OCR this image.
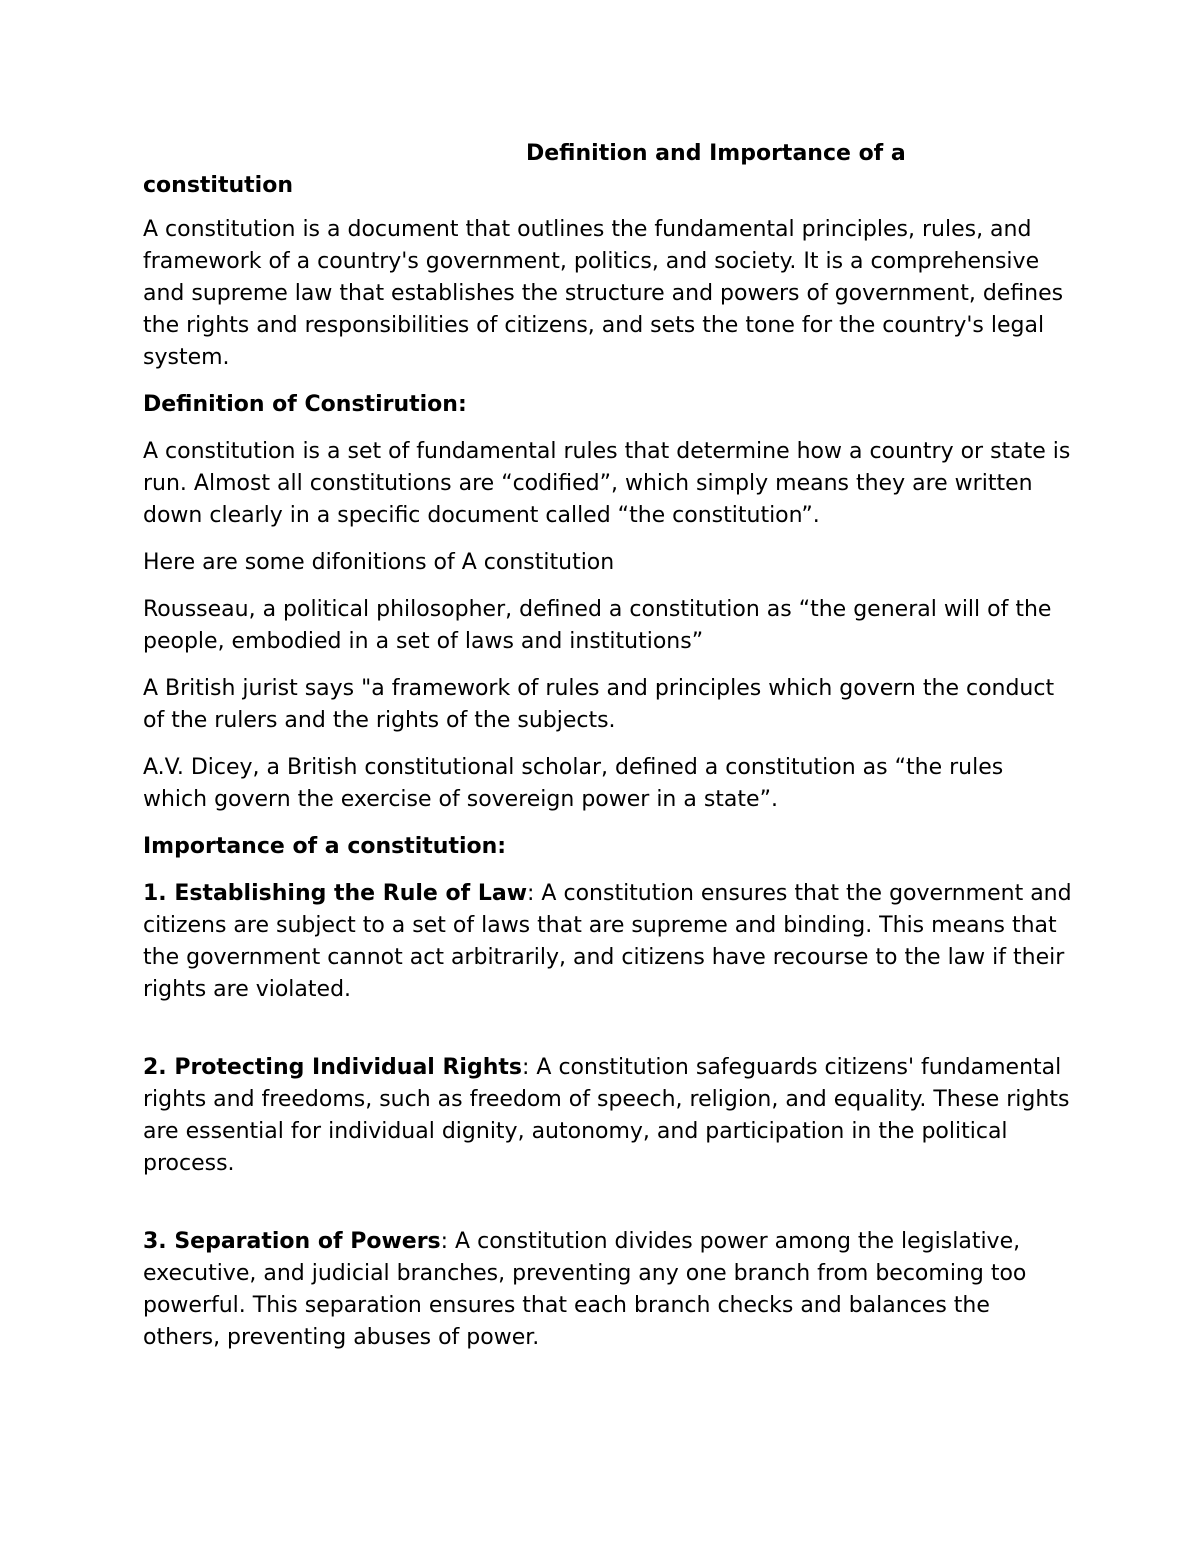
Definition and Importance of a
constitution

A constitution is a document that outlines the fundamental principles, rules, and framework of a country's government, politics, and society. It is a comprehensive and supreme law that establishes the structure and powers of government, defines the rights and responsibilities of citizens, and sets the tone for the country's legal system.

Definition of Constirution:

A constitution is a set of fundamental rules that determine how a country or state is run. Almost all constitutions are “codified”, which simply means they are written down clearly in a specific document called “the constitution”.

Here are some difonitions of A constitution

Rousseau, a political philosopher, defined a constitution as “the general will of the people, embodied in a set of laws and institutions”

A British jurist says "a framework of rules and principles which govern the conduct of the rulers and the rights of the subjects.

A.V. Dicey, a British constitutional scholar, defined a constitution as “the rules which govern the exercise of sovereign power in a state”.

Importance of a constitution:

1. Establishing the Rule of Law: A constitution ensures that the government and citizens are subject to a set of laws that are supreme and binding. This means that the government cannot act arbitrarily, and citizens have recourse to the law if their rights are violated.

2. Protecting Individual Rights: A constitution safeguards citizens' fundamental rights and freedoms, such as freedom of speech, religion, and equality. These rights are essential for individual dignity, autonomy, and participation in the political process.

3. Separation of Powers: A constitution divides power among the legislative, executive, and judicial branches, preventing any one branch from becoming too powerful. This separation ensures that each branch checks and balances the others, preventing abuses of power.
